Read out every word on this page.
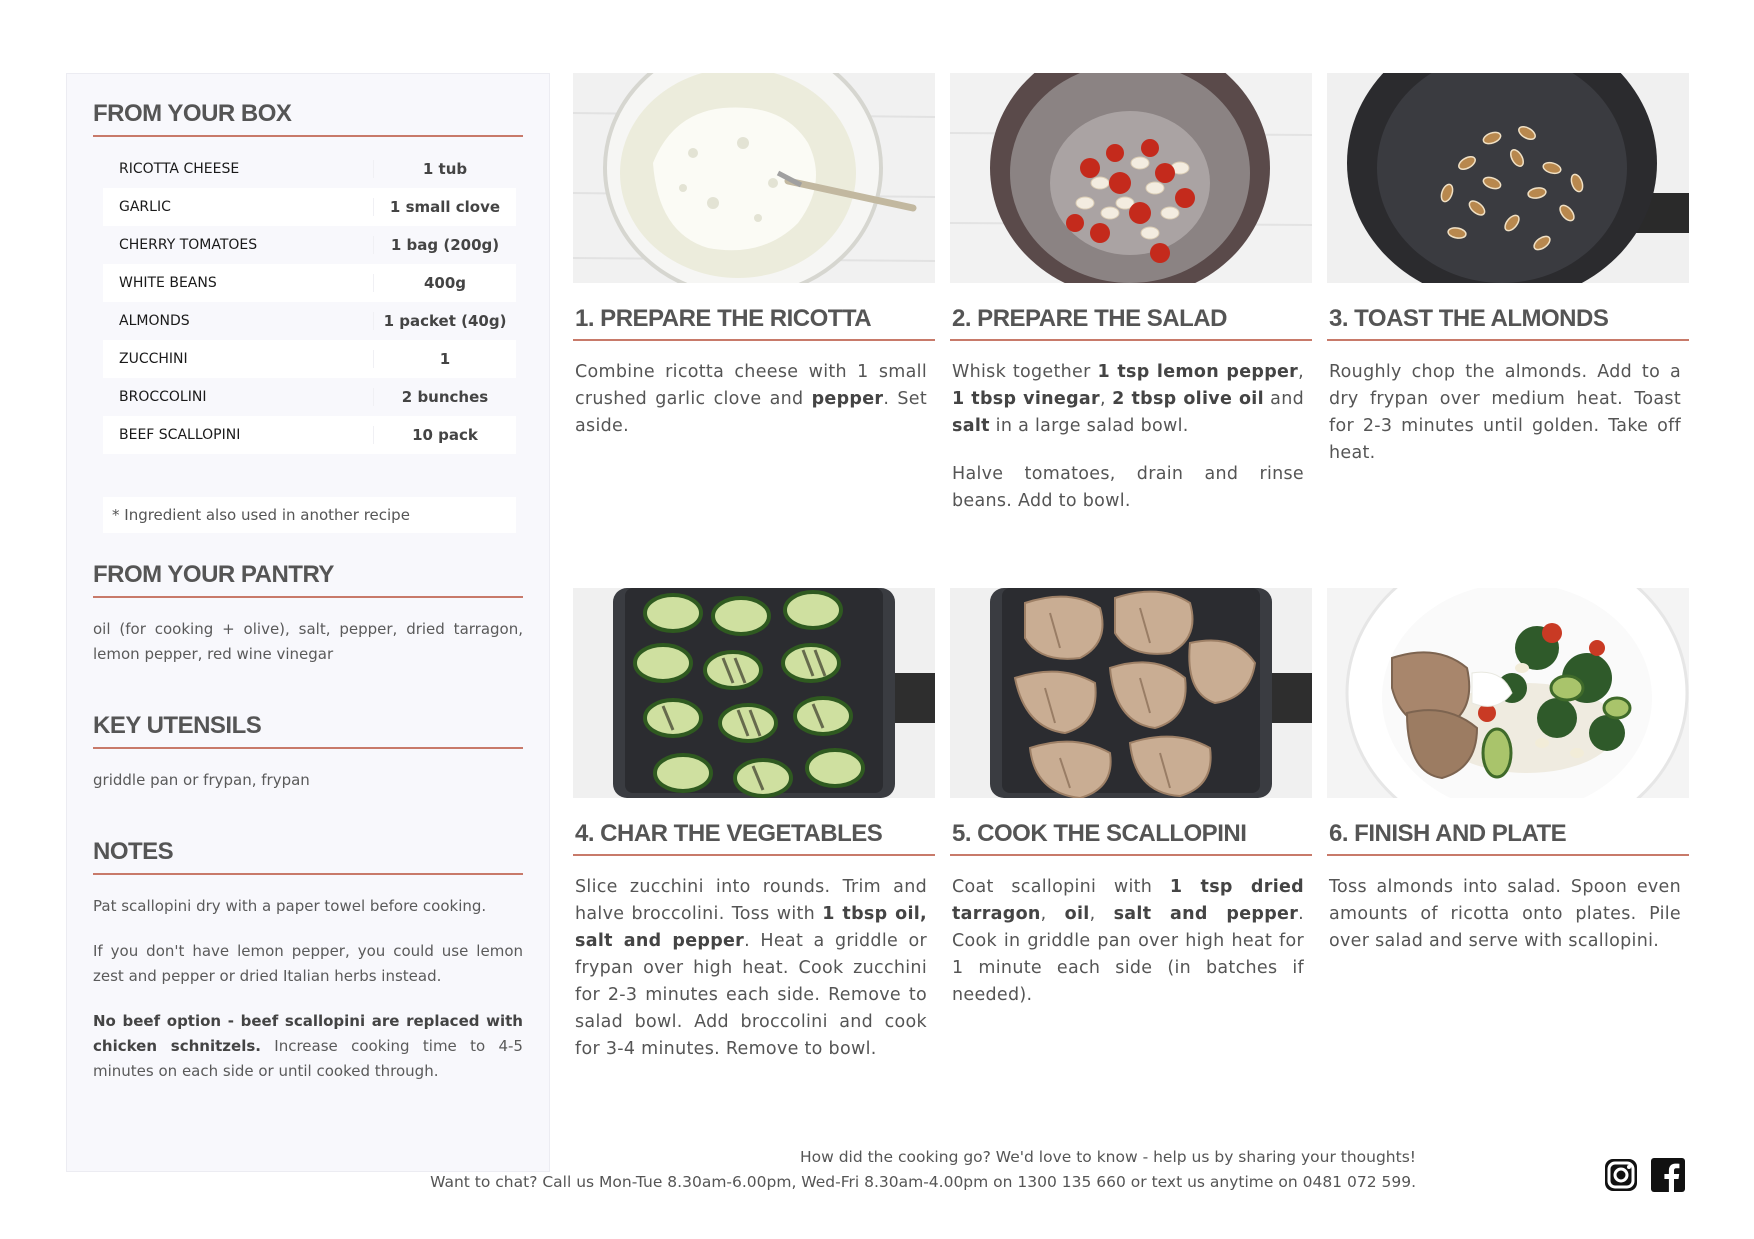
FROM YOUR BOX
RICOTTA CHEESE	1 tub
GARLIC	1 small clove
CHERRY TOMATOES	1 bag (200g)
WHITE BEANS	400g
ALMONDS	1 packet (40g)
ZUCCHINI	1
BROCCOLINI	2 bunches
BEEF SCALLOPINI	10 pack
* Ingredient also used in another recipe
FROM YOUR PANTRY

oil (for cooking + olive), salt, pepper, dried tarragon, lemon pepper, red wine vinegar

KEY UTENSILS

griddle pan or frypan, frypan

NOTES

Pat scallopini dry with a paper towel before cooking.

If you don't have lemon pepper, you could use lemon zest and pepper or dried Italian herbs instead.

No beef option - beef scallopini are replaced with chicken schnitzels. Increase cooking time to 4-5 minutes on each side or until cooked through.

1. PREPARE THE RICOTTA

Combine ricotta cheese with 1 small crushed garlic clove and pepper. Set aside.

2. PREPARE THE SALAD

Whisk together 1 tsp lemon pepper, 1 tbsp vinegar, 2 tbsp olive oil and salt in a large salad bowl.

Halve tomatoes, drain and rinse beans. Add to bowl.

3. TOAST THE ALMONDS

Roughly chop the almonds. Add to a dry frypan over medium heat. Toast for 2-3 minutes until golden. Take off heat.

4. CHAR THE VEGETABLES

Slice zucchini into rounds. Trim and halve broccolini. Toss with 1 tbsp oil, salt and pepper. Heat a griddle or frypan over high heat. Cook zucchini for 2-3 minutes each side. Remove to salad bowl. Add broccolini and cook for 3-4 minutes. Remove to bowl.

5. COOK THE SCALLOPINI

Coat scallopini with 1 tsp dried tarragon, oil, salt and pepper. Cook in griddle pan over high heat for 1 minute each side (in batches if needed).

6. FINISH AND PLATE

Toss almonds into salad. Spoon even amounts of ricotta onto plates. Pile over salad and serve with scallopini.

How did the cooking go? We'd love to know - help us by sharing your thoughts!
Want to chat? Call us Mon-Tue 8.30am-6.00pm, Wed-Fri 8.30am-4.00pm on 1300 135 660 or text us anytime on 0481 072 599.
